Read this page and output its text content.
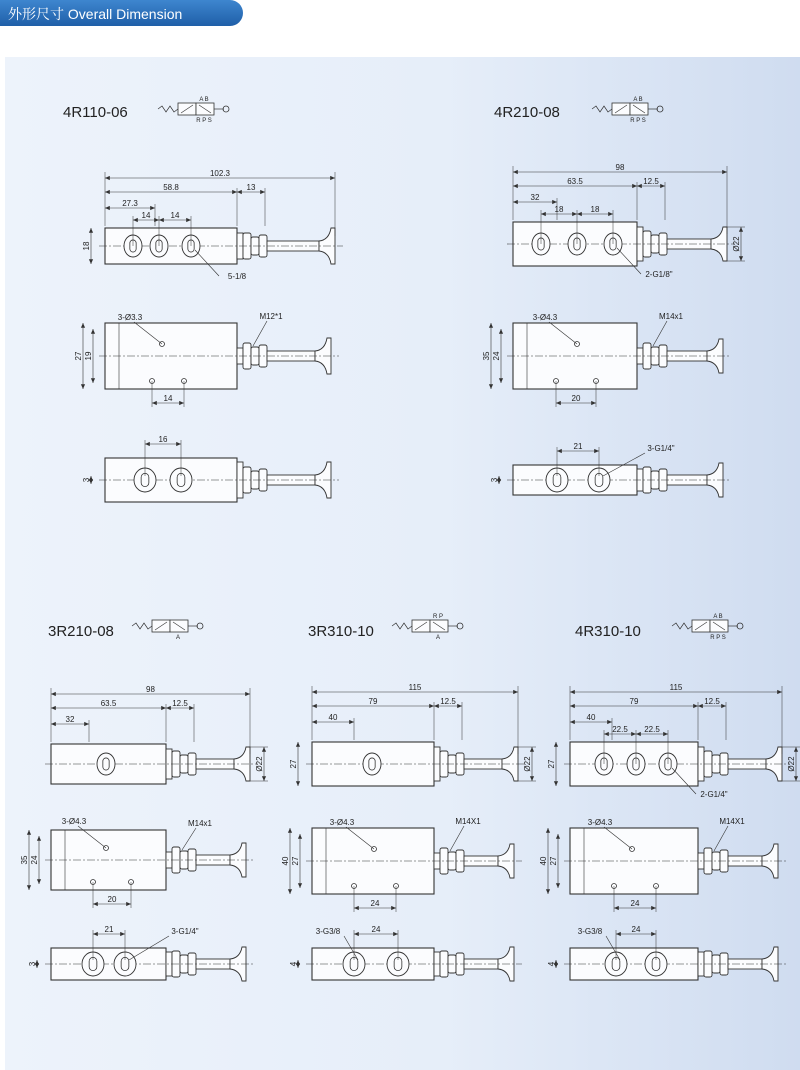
外形尺寸 Overall Dimension
4R110-06
A B
R P S
102.3
58.8
27.3
14	14
13
18
5-1/8
3-Ø3.3	M12*1
27 19
14
16
3
4R210-08
A B
R P S
98
63.5
32
18	18
12.5
Ø22
2-G1/8"
3-Ø4.3	M14x1
35 24
20
21	3-G1/4"
3
3R210-08	A
98
63.5
32
12.5
Ø22
3-Ø4.3	M14x1
35 24
20
21	3-G1/4"
3
3R310-10
R P
A
115
79
40
12.5
Ø22
27
3-Ø4.3	M14X1
40 27
24
24
3-G3/8
4
4R310-10
A B
R P S
115
79
40
22.5 22.5
12.5
Ø22
27
2-G1/4"
3-Ø4.3	M14X1
40 27
24
24
3-G3/8
4
